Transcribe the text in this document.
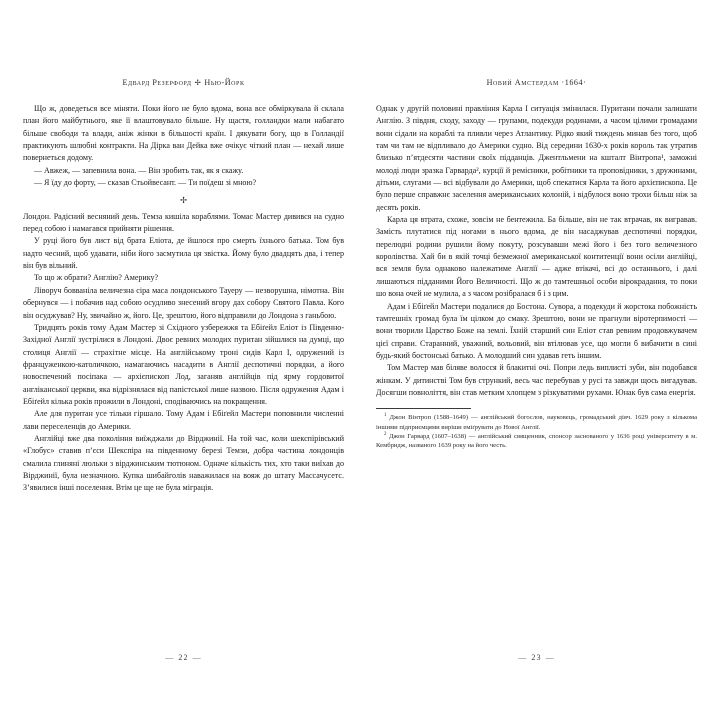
Едвард Резерфорд ✢ Нью-Йорк

Що ж, доведеться все міняти. Поки його не було вдома, вона все обміркувала й склала план його майбутнього, яке її влаштовувало більше. Ну щастя, голландки мали набагато більше свободи та влади, аніж жінки в більшості країн. І дякувати богу, що в Голландії практикують шлюбні контракти. На Дірка ван Дейка вже очікує чіткий план — нехай лише повернеться додому.

— Авжеж, — запевнила вона. — Він зробить так, як я скажу.

— Я їду до форту, — сказав Стьойвесант. — Ти поїдеш зі мною?

✢

Лондон. Радісний весняний день. Темза кишіла кораблями. Томас Мастер дивився на судно перед собою і намагався прийняти рішення.

У руці його був лист від брата Еліота, де йшлося про смерть їхнього батька. Том був надто чесний, щоб удавати, ніби його засмутила ця звістка. Йому було двадцять два, і тепер він був вільний.

То що ж обрати? Англію? Америку?

Ліворуч бовваніла величезна сіра маса лондонського Тауеру — незворушна, німотна. Він обернувся — і побачив над собою осудливо знесений вгору дах собору Святого Павла. Кого він осуджував? Ну, звичайно ж, його. Це, зрештою, його відправили до Лондона з ганьбою.

Тридцять років тому Адам Мастер зі Східного узбережжя та Ебіґейл Еліот із Південно-Західної Англії зустрілися в Лондоні. Двоє ревних молодих пуритан зійшлися на думці, що столиця Англії — страхітне місце. На англійському троні сидів Карл I, одружений із француженкою-католичкою, намагаючись насадити в Англії деспотичні порядки, а його новоспечений посіпака — архієпископ Лод, заганяв англійців під ярму гордовитої англіканської церкви, яка відрізнялася від папістської лише назвою. Після одруження Адам і Ебіґейл кілька років прожили в Лондоні, сподіваючись на покращення.

Але для пуритан усе тільки гіршало. Тому Адам і Ебіґейл Мастери поповнили численні лави переселенців до Америки.

Англійці вже два покоління виїжджали до Вірджинії. На той час, коли шекспірівський «Глобус» ставив п’єси Шекспіра на південному березі Темзи, добра частина лондонців смалила глиняні люльки з вірджинським тютюном. Одначе кількість тих, хто таки виїхав до Вірджинії, була незначною. Купка шибайголів наважилася на вояж до штату Массачусетс. З’явилися інші поселення. Втім це ще не була міграція.

— 22 —
Новий Амстердам ·1664·

Однак у другій половині правління Карла I ситуація змінилася. Пуритани почали залишати Англію. З півдня, сходу, заходу — групами, подекуди родинами, а часом цілими громадами вони сідали на кораблі та пливли через Атлантику. Рідко який тиждень минав без того, щоб там чи там не відпливало до Америки судно. Від середини 1630-х років король так утратив близько п’ятдесяти частини своїх підданців. Джентльмени на кшталт Вінтропа¹, заможні молоді люди зразка Гарварда², курції й ремісники, робітники та проповідники, з дружинами, дітьми, слугами — всі відбували до Америки, щоб спекатися Карла та його архієпископа. Це було перше справжнє заселення американських колоній, і відбулося воно трохи більш ніж за десять років.

Карла ця втрата, схоже, зовсім не бентежила. Ба більше, він не так втрачав, як вигравав. Замість плутатися під ногами в нього вдома, де він насаджував деспотичні порядки, перелюдні родини рушили йому покуту, розсувавши межі його і без того величезного королівства. Хай би в якій точці безмежної американської контитенції вони осіли англійці, вся земля була однаково належатиме Англії — адже втікачі, всі до останнього, і далі лишаються підданими Його Величності. Що ж до тамтешньої особи вірокрадання, то поки шо вона очей не мулила, а з часом розібралася б і з цим.

Адам і Ебіґейл Мастери подалися до Бостона. Сувора, а подекуди й жорстока побожність тамтешніх громад була їм цілком до смаку. Зрештою, вони не прагнули віротерпимості — вони творили Царство Боже на землі. Їхній старший син Еліот став ревним продовжувачем цієї справи. Старанний, уважний, вольовий, він втілював усе, що могли б вибачити в сині будь-який бостонські батько. А молодший син удавав геть іншим.

Том Мастер мав біляве волосся й блакитні очі. Попри ледь виплисті зуби, він подобався жінкам. У дитинстві Том був стрункий, весь час перебував у русі та завжди щось вигадував. Досягши повноліття, він став метким хлопцем з різкуватими рухами. Юнак був сама енергія.

$^1$ Джон Вінтроп (1588–1649) — англійський богослов, науковець, громадський діяч. 1629 року з кількома іншими підприємцями виріши еміґрувати до Нової Англії.

$^2$ Джон Гарвард (1607–1638) — англійський священник, спонсор заснованого у 1636 році університету в м. Кембридж, названого 1639 року на його честь.

— 23 —
